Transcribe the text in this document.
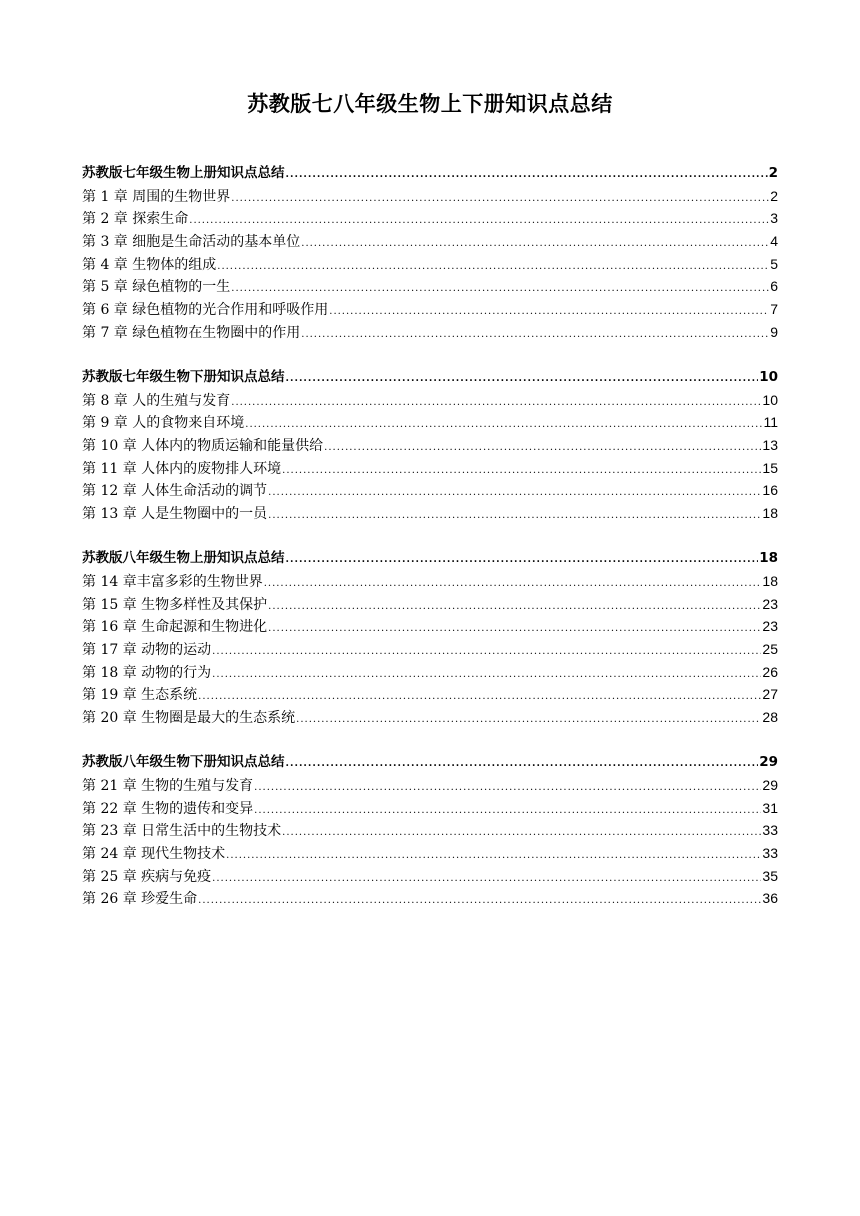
苏教版七八年级生物上下册知识点总结
苏教版七年级生物上册知识点总结 .....	2
第 1 章 周围的生物世界 .....	2
第 2 章 探索生命 .....	3
第 3 章 细胞是生命活动的基本单位 .....	4
第 4 章 生物体的组成 .....	5
第 5 章 绿色植物的一生 .....	6
第 6 章 绿色植物的光合作用和呼吸作用 .....	7
第 7 章 绿色植物在生物圈中的作用 .....	9
苏教版七年级生物下册知识点总结 .....	10
第 8 章 人的生殖与发育 .....	10
第 9 章 人的食物来自环境 .....	11
第 10 章 人体内的物质运输和能量供给 .....	13
第 11 章 人体内的废物排人环境 .....	15
第 12 章 人体生命活动的调节 .....	16
第 13 章 人是生物圈中的一员 .....	18
苏教版八年级生物上册知识点总结 .....	18
第 14 章丰富多彩的生物世界 .....	18
第 15 章 生物多样性及其保护 .....	23
第 16 章 生命起源和生物进化 .....	23
第 17 章 动物的运动 .....	25
第 18 章 动物的行为 .....	26
第 19 章 生态系统 .....	27
第 20 章 生物圈是最大的生态系统 .....	28
苏教版八年级生物下册知识点总结 .....	29
第 21 章 生物的生殖与发育 .....	29
第 22 章 生物的遗传和变异 .....	31
第 23 章 日常生活中的生物技术 .....	33
第 24 章 现代生物技术 .....	33
第 25 章 疾病与免疫 .....	35
第 26 章 珍爱生命 .....	36
